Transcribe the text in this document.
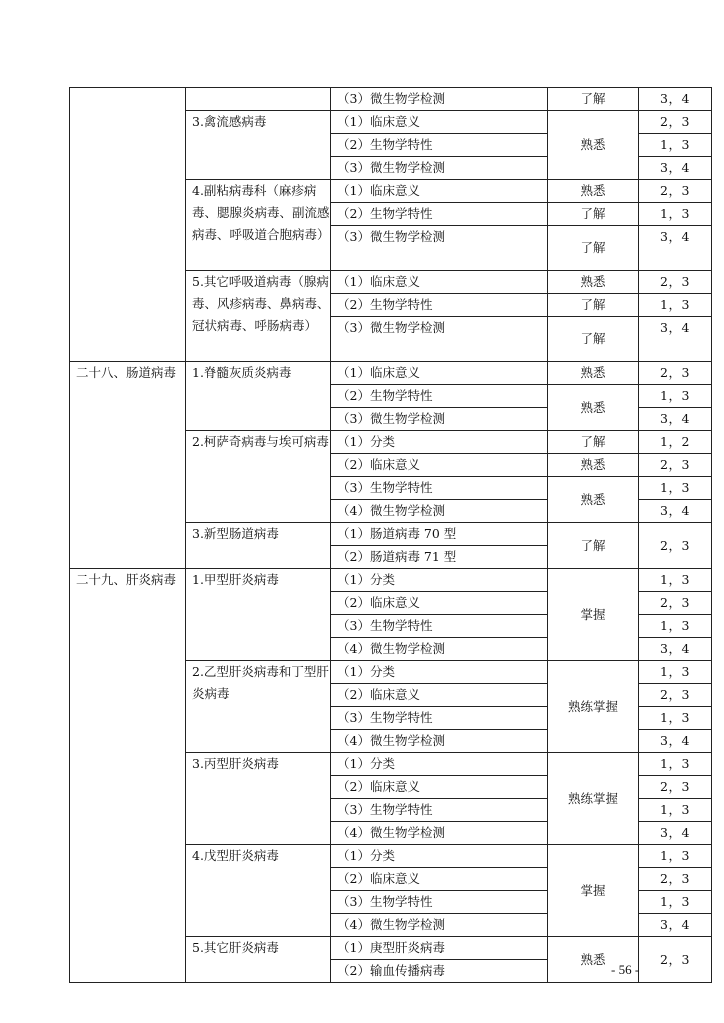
		（3）微生物学检测	了解	3，4
	3.禽流感病毒	（1）临床意义	熟悉	2，3
		（2）生物学特性		1，3
		（3）微生物学检测		3，4
	4.副粘病毒科（麻疹病毒、腮腺炎病毒、副流感病毒、呼吸道合胞病毒）	（1）临床意义	熟悉	2，3
		（2）生物学特性	了解	1，3
		（3）微生物学检测	了解	3，4
	5.其它呼吸道病毒（腺病毒、风疹病毒、鼻病毒、冠状病毒、呼肠病毒）	（1）临床意义	熟悉	2，3
		（2）生物学特性	了解	1，3
		（3）微生物学检测	了解	3，4
二十八、肠道病毒	1.脊髓灰质炎病毒	（1）临床意义	熟悉	2，3
		（2）生物学特性	熟悉	1，3
		（3）微生物学检测		3，4
	2.柯萨奇病毒与埃可病毒	（1）分类	了解	1，2
		（2）临床意义	熟悉	2，3
		（3）生物学特性	熟悉	1，3
		（4）微生物学检测		3，4
	3.新型肠道病毒	（1）肠道病毒 70 型	了解	2，3
		（2）肠道病毒 71 型		
二十九、肝炎病毒	1.甲型肝炎病毒	（1）分类	掌握	1，3
		（2）临床意义		2，3
		（3）生物学特性		1，3
		（4）微生物学检测		3，4
	2.乙型肝炎病毒和丁型肝炎病毒	（1）分类	熟练掌握	1，3
		（2）临床意义		2，3
		（3）生物学特性		1，3
		（4）微生物学检测		3，4
	3.丙型肝炎病毒	（1）分类	熟练掌握	1，3
		（2）临床意义		2，3
		（3）生物学特性		1，3
		（4）微生物学检测		3，4
	4.戊型肝炎病毒	（1）分类	掌握	1，3
		（2）临床意义		2，3
		（3）生物学特性		1，3
		（4）微生物学检测		3，4
	5.其它肝炎病毒	（1）庚型肝炎病毒	熟悉	2，3
		（2）输血传播病毒			- 56 -
